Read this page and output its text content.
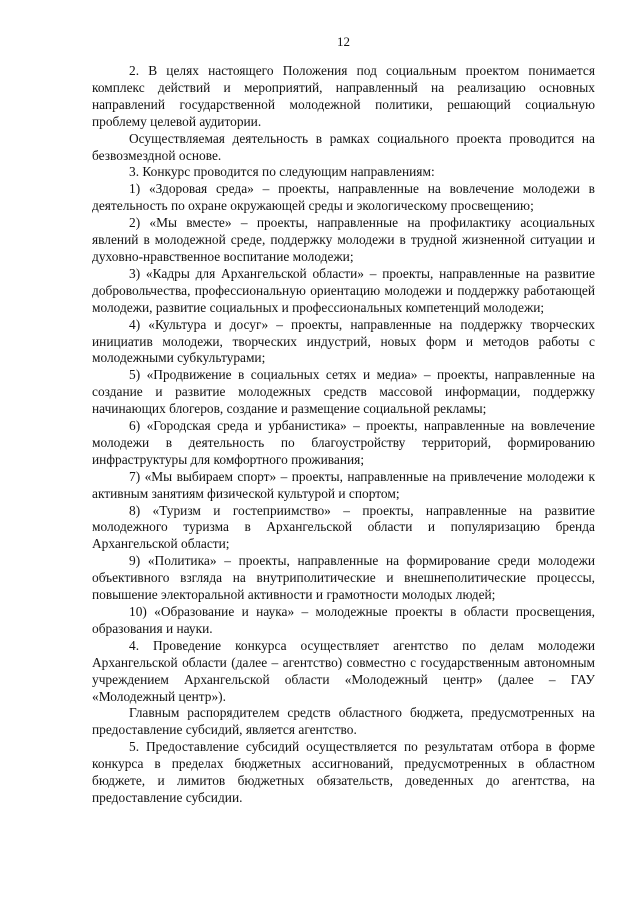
12

2. В целях настоящего Положения под социальным проектом понимается комплекс действий и мероприятий, направленный на реализацию основных направлений государственной молодежной политики, решающий социальную проблему целевой аудитории.

Осуществляемая деятельность в рамках социального проекта проводится на безвозмездной основе.

3. Конкурс проводится по следующим направлениям:

1) «Здоровая среда» – проекты, направленные на вовлечение молодежи в деятельность по охране окружающей среды и экологическому просвещению;

2) «Мы вместе» – проекты, направленные на профилактику асоциальных явлений в молодежной среде, поддержку молодежи в трудной жизненной ситуации и духовно-нравственное воспитание молодежи;

3) «Кадры для Архангельской области» – проекты, направленные на развитие добровольчества, профессиональную ориентацию молодежи и поддержку работающей молодежи, развитие социальных и профессиональных компетенций молодежи;

4) «Культура и досуг» – проекты, направленные на поддержку творческих инициатив молодежи, творческих индустрий, новых форм и методов работы с молодежными субкультурами;

5) «Продвижение в социальных сетях и медиа» – проекты, направленные на создание и развитие молодежных средств массовой информации, поддержку начинающих блогеров, создание и размещение социальной рекламы;

6) «Городская среда и урбанистика» – проекты, направленные на вовлечение молодежи в деятельность по благоустройству территорий, формированию инфраструктуры для комфортного проживания;

7) «Мы выбираем спорт» – проекты, направленные на привлечение молодежи к активным занятиям физической культурой и спортом;

8) «Туризм и гостеприимство» – проекты, направленные на развитие молодежного туризма в Архангельской области и популяризацию бренда Архангельской области;

9) «Политика» – проекты, направленные на формирование среди молодежи объективного взгляда на внутриполитические и внешнеполитические процессы, повышение электоральной активности и грамотности молодых людей;

10) «Образование и наука» – молодежные проекты в области просвещения, образования и науки.

4. Проведение конкурса осуществляет агентство по делам молодежи Архангельской области (далее – агентство) совместно с государственным автономным учреждением Архангельской области «Молодежный центр» (далее – ГАУ «Молодежный центр»).

Главным распорядителем средств областного бюджета, предусмотренных на предоставление субсидий, является агентство.

5. Предоставление субсидий осуществляется по результатам отбора в форме конкурса в пределах бюджетных ассигнований, предусмотренных в областном бюджете, и лимитов бюджетных обязательств, доведенных до агентства, на предоставление субсидии.
